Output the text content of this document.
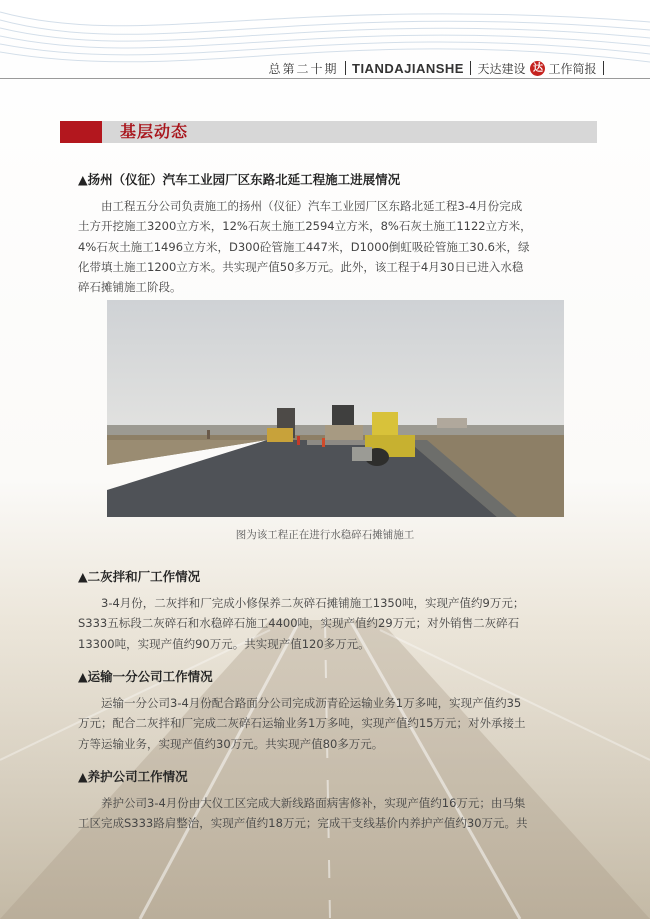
总第二十期 TIANDAJIANSHE 天达建设 达 工作简报
基层动态
▲扬州（仪征）汽车工业园厂区东路北延工程施工进展情况

由工程五分公司负责施工的扬州（仪征）汽车工业园厂区东路北延工程3-4月份完成
土方开挖施工3200立方米，12%石灰土施工2594立方米，8%石灰土施工1122立方米，
4%石灰土施工1496立方米，D300砼管施工447米，D1000倒虹吸砼管施工30.6米，绿
化带填土施工1200立方米。共实现产值50多万元。此外，该工程于4月30日已进入水稳
碎石摊铺施工阶段。

图为该工程正在进行水稳碎石摊铺施工
▲二灰拌和厂工作情况

3-4月份，二灰拌和厂完成小修保养二灰碎石摊铺施工1350吨，实现产值约9万元；
S333五标段二灰碎石和水稳碎石施工4400吨，实现产值约29万元；对外销售二灰碎石
13300吨，实现产值约90万元。共实现产值120多万元。

▲运输一分公司工作情况

运输一分公司3-4月份配合路面分公司完成沥青砼运输业务1万多吨，实现产值约35
万元；配合二灰拌和厂完成二灰碎石运输业务1万多吨，实现产值约15万元；对外承接土
方等运输业务，实现产值约30万元。共实现产值80多万元。

▲养护公司工作情况

养护公司3-4月份由大仪工区完成大新线路面病害修补，实现产值约16万元；由马集
工区完成S333路肩整治，实现产值约18万元；完成干支线基价内养护产值约30万元。共
